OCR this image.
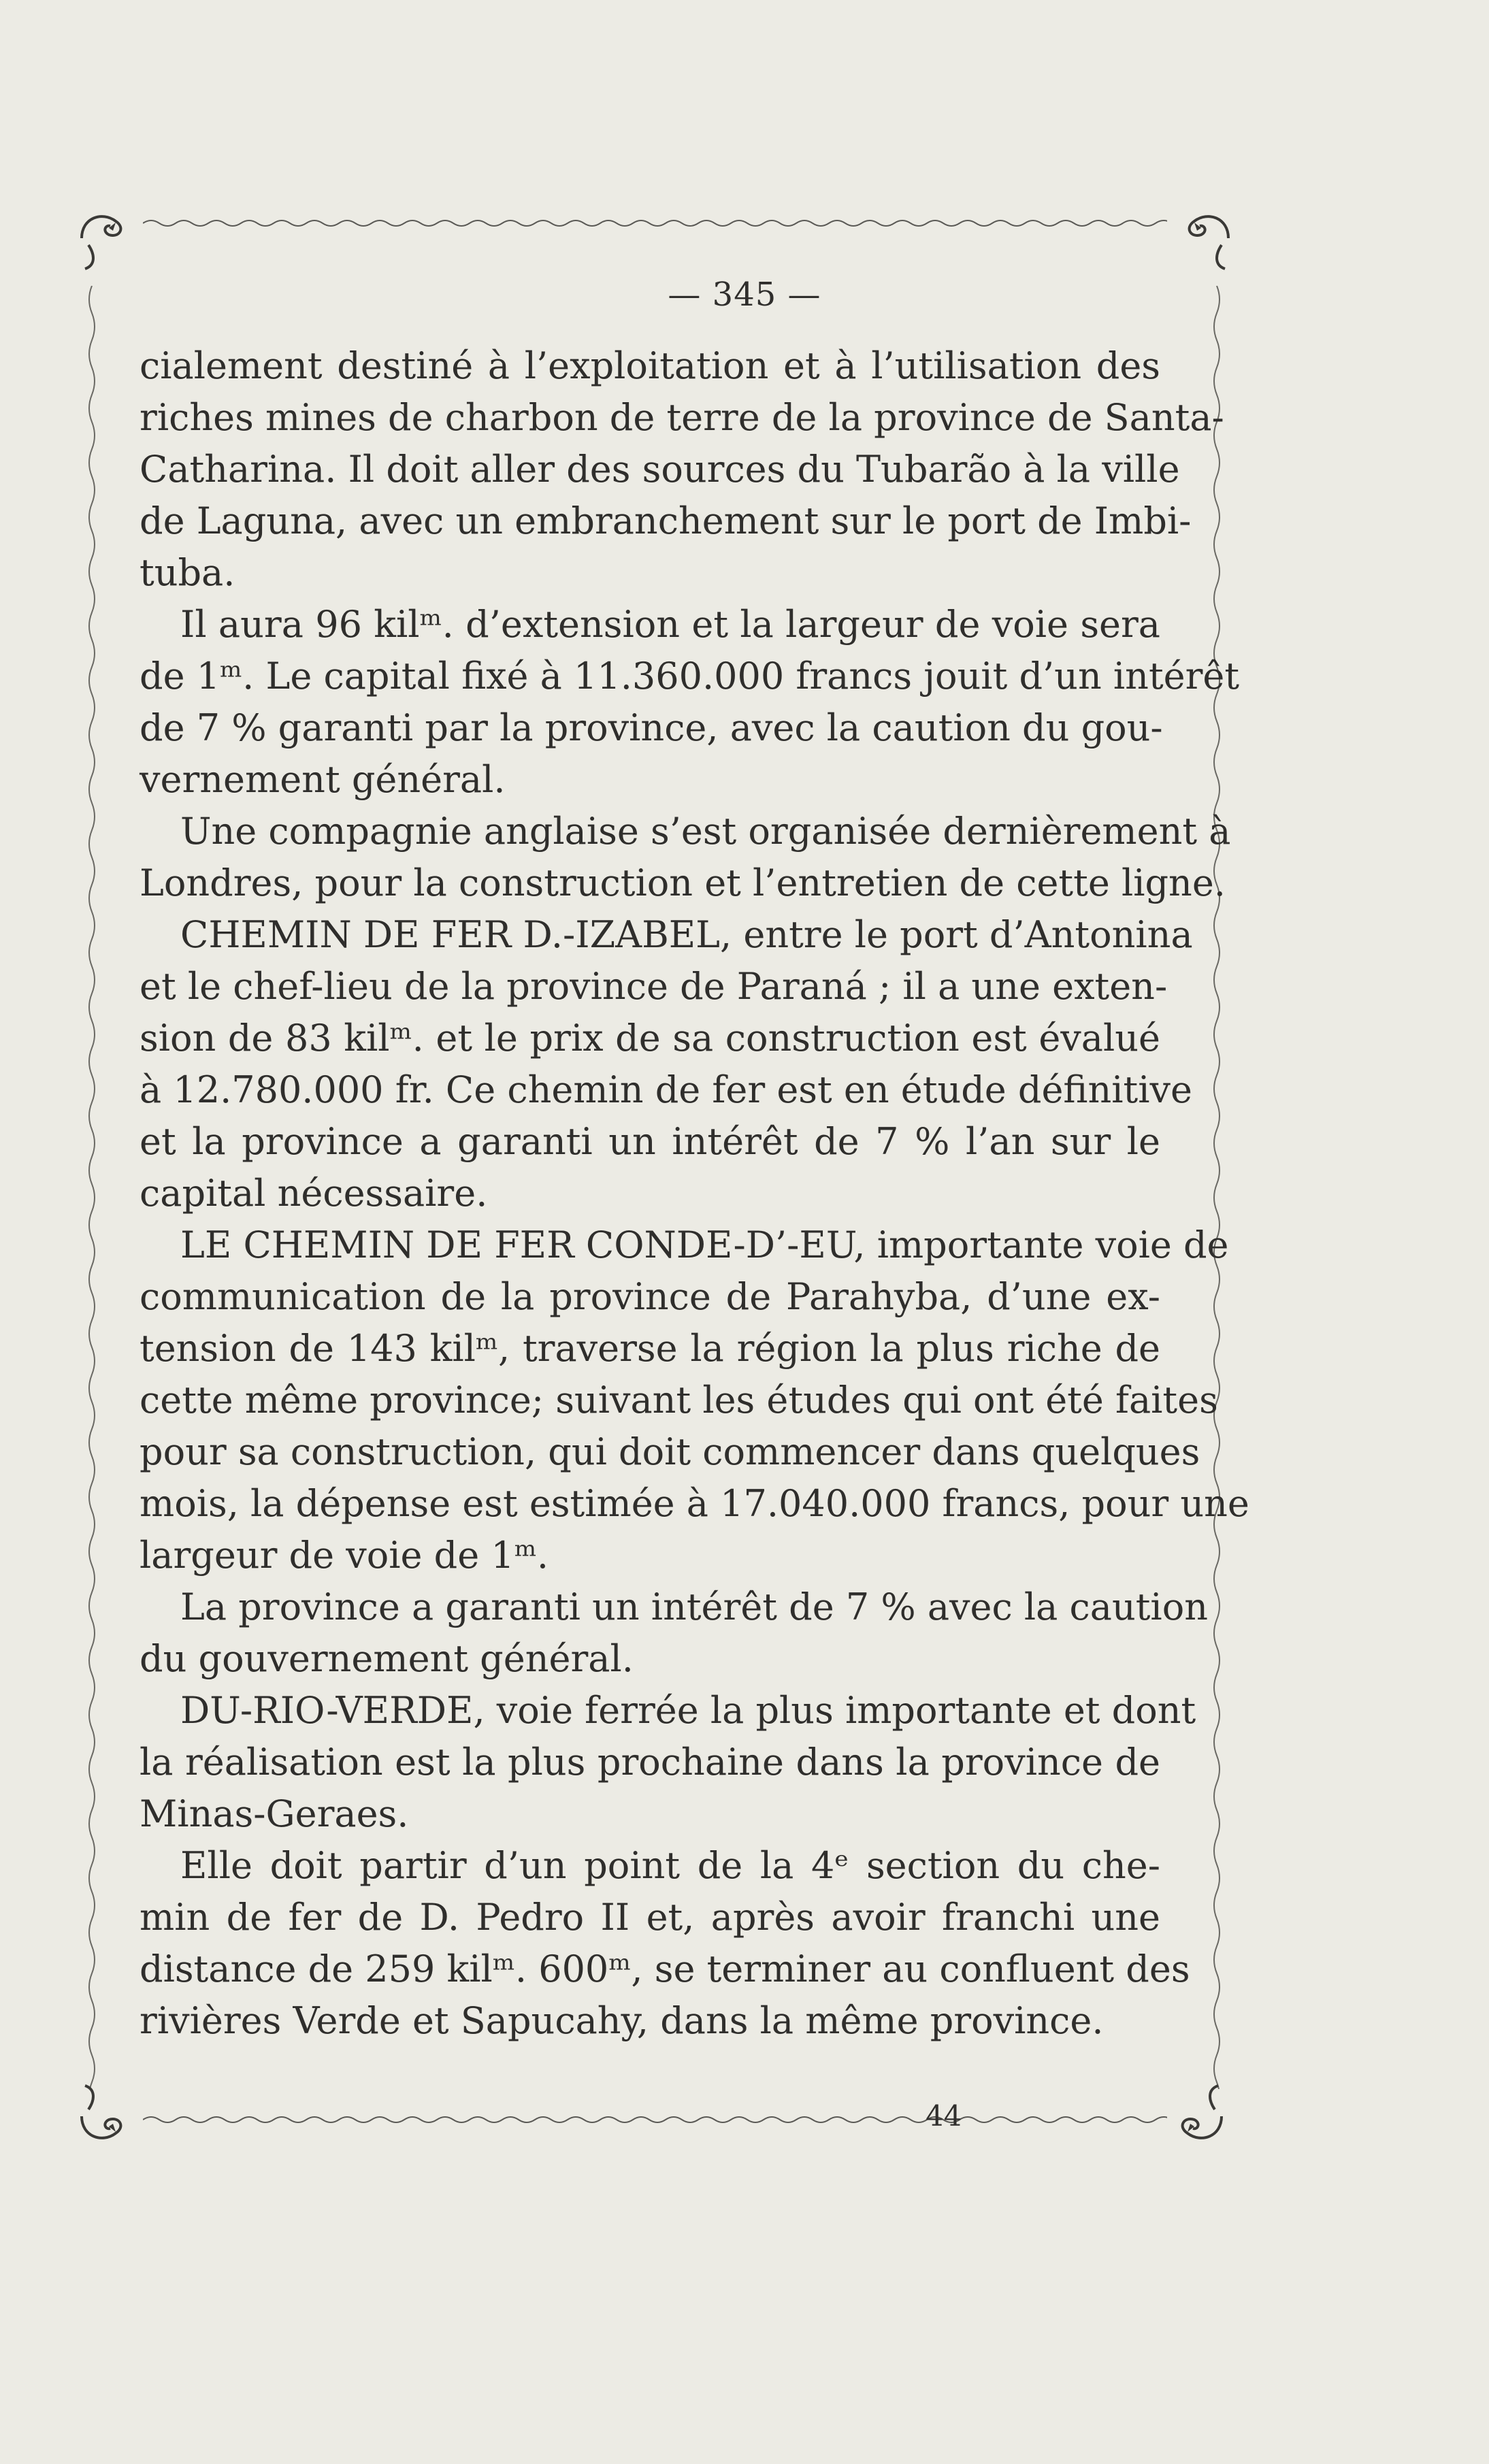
— 345 —
cialement destiné à l’exploitation et à l’utilisation des
riches mines de charbon de terre de la province de Santa-
Catharina. Il doit aller des sources du Tubarão à la ville
de Laguna, avec un embranchement sur le port de Imbi-
tuba.
Il aura 96 kilᵐ. d’extension et la largeur de voie sera
de 1ᵐ. Le capital fixé à 11.360.000 francs jouit d’un intérêt
de 7 % garanti par la province, avec la caution du gou-
vernement général.
Une compagnie anglaise s’est organisée dernièrement à
Londres, pour la construction et l’entretien de cette ligne.
CHEMIN DE FER D.-IZABEL, entre le port d’Antonina
et le chef-lieu de la province de Paraná ; il a une exten-
sion de 83 kilᵐ. et le prix de sa construction est évalué
à 12.780.000 fr. Ce chemin de fer est en étude définitive
et la province a garanti un intérêt de 7 % l’an sur le
capital nécessaire.
LE CHEMIN DE FER CONDE-D’-EU, importante voie de
communication de la province de Parahyba, d’une ex-
tension de 143 kilᵐ, traverse la région la plus riche de
cette même province; suivant les études qui ont été faites
pour sa construction, qui doit commencer dans quelques
mois, la dépense est estimée à 17.040.000 francs, pour une
largeur de voie de 1ᵐ.
La province a garanti un intérêt de 7 % avec la caution
du gouvernement général.
DU-RIO-VERDE, voie ferrée la plus importante et dont
la réalisation est la plus prochaine dans la province de
Minas-Geraes.
Elle doit partir d’un point de la 4ᵉ section du che-
min de fer de D. Pedro II et, après avoir franchi une
distance de 259 kilᵐ. 600ᵐ, se terminer au confluent des
rivières Verde et Sapucahy, dans la même province.
44
